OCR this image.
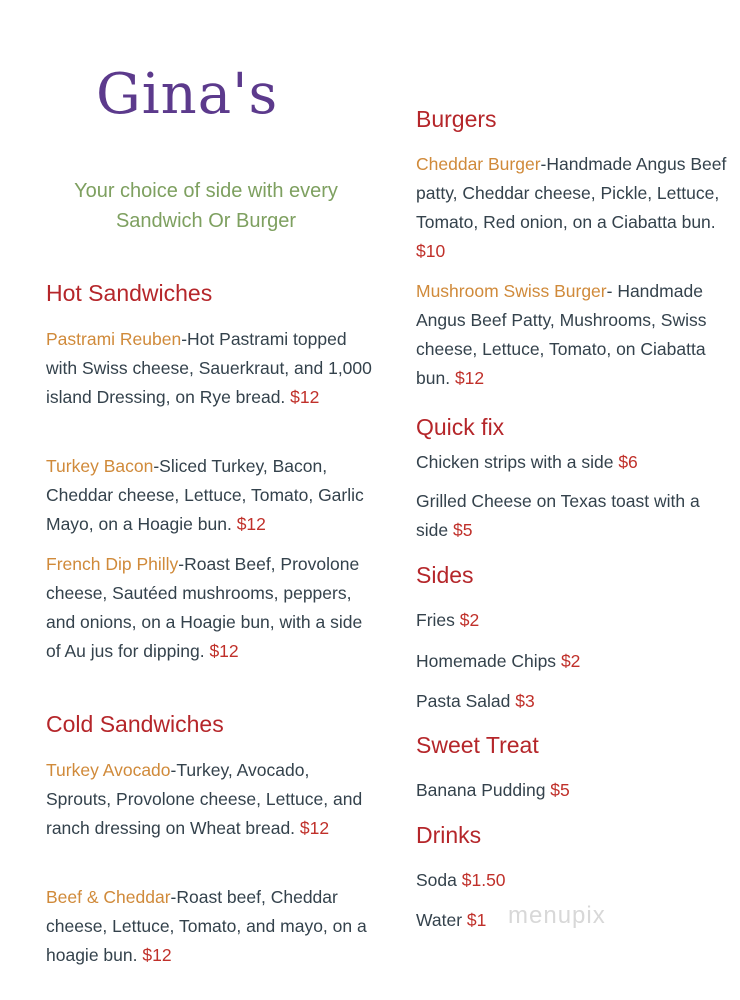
Gina's
Your choice of side with every Sandwich Or Burger
Hot Sandwiches
Pastrami Reuben-Hot Pastrami topped with Swiss cheese, Sauerkraut, and 1,000 island Dressing, on Rye bread. $12
Turkey Bacon-Sliced Turkey, Bacon, Cheddar cheese, Lettuce, Tomato, Garlic Mayo, on a Hoagie bun. $12
French Dip Philly-Roast Beef, Provolone cheese, Sautéed mushrooms, peppers, and onions, on a Hoagie bun, with a side of Au jus for dipping. $12
Cold Sandwiches
Turkey Avocado-Turkey, Avocado, Sprouts, Provolone cheese, Lettuce, and ranch dressing on Wheat bread. $12
Beef & Cheddar-Roast beef, Cheddar cheese, Lettuce, Tomato, and mayo, on a hoagie bun. $12
Burgers
Cheddar Burger-Handmade Angus Beef patty, Cheddar cheese, Pickle, Lettuce, Tomato, Red onion, on a Ciabatta bun. $10
Mushroom Swiss Burger- Handmade Angus Beef Patty, Mushrooms, Swiss cheese, Lettuce, Tomato, on Ciabatta bun. $12
Quick fix
Chicken strips with a side $6
Grilled Cheese on Texas toast with a side $5
Sides
Fries $2
Homemade Chips $2
Pasta Salad $3
Sweet Treat
Banana Pudding $5
Drinks
Soda $1.50
Water $1 menupix
